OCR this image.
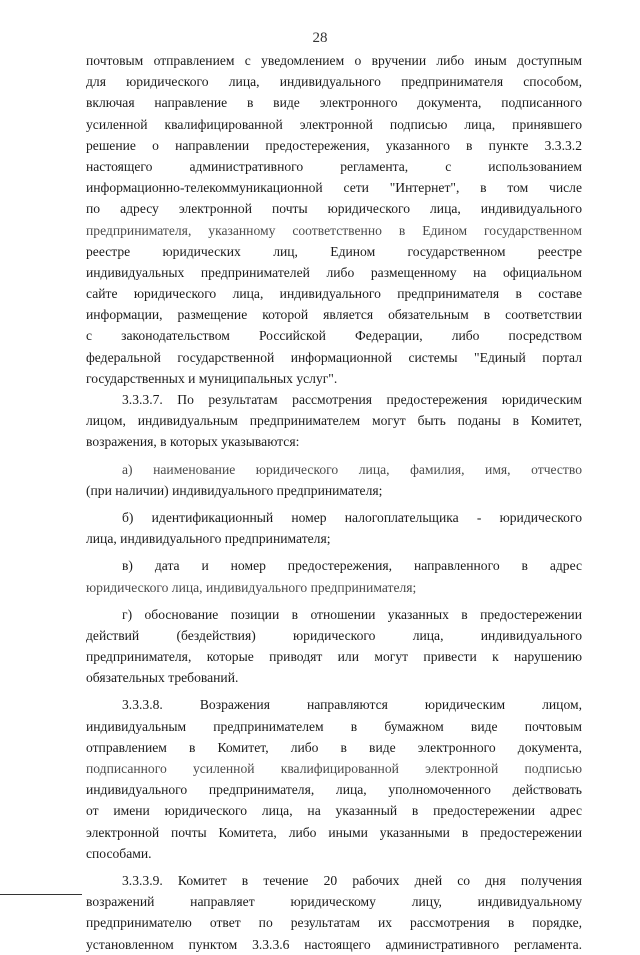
28
почтовым отправлением с уведомлением о вручении либо иным доступным
для юридического лица, индивидуального предпринимателя способом,
включая направление в виде электронного документа, подписанного
усиленной квалифицированной электронной подписью лица, принявшего
решение о направлении предостережения, указанного в пункте 3.3.3.2
настоящего административного регламента, с использованием
информационно-телекоммуникационной сети "Интернет", в том числе
по адресу электронной почты юридического лица, индивидуального
предпринимателя, указанному соответственно в Едином государственном
реестре юридических лиц, Едином государственном реестре
индивидуальных предпринимателей либо размещенному на официальном
сайте юридического лица, индивидуального предпринимателя в составе
информации, размещение которой является обязательным в соответствии
с законодательством Российской Федерации, либо посредством
федеральной государственной информационной системы "Единый портал
государственных и муниципальных услуг".
3.3.3.7. По результатам рассмотрения предостережения юридическим
лицом, индивидуальным предпринимателем могут быть поданы в Комитет,
возражения, в которых указываются:
а) наименование юридического лица, фамилия, имя, отчество
(при наличии) индивидуального предпринимателя;
б) идентификационный номер налогоплательщика - юридического
лица, индивидуального предпринимателя;
в) дата и номер предостережения, направленного в адрес
юридического лица, индивидуального предпринимателя;
г) обоснование позиции в отношении указанных в предостережении
действий (бездействия) юридического лица, индивидуального
предпринимателя, которые приводят или могут привести к нарушению
обязательных требований.
3.3.3.8. Возражения направляются юридическим лицом,
индивидуальным предпринимателем в бумажном виде почтовым
отправлением в Комитет, либо в виде электронного документа,
подписанного усиленной квалифицированной электронной подписью
индивидуального предпринимателя, лица, уполномоченного действовать
от имени юридического лица, на указанный в предостережении адрес
электронной почты Комитета, либо иными указанными в предостережении
способами.
3.3.3.9. Комитет в течение 20 рабочих дней со дня получения
возражений направляет юридическому лицу, индивидуальному
предпринимателю ответ по результатам их рассмотрения в порядке,
установленном пунктом 3.3.3.6 настоящего административного регламента.
